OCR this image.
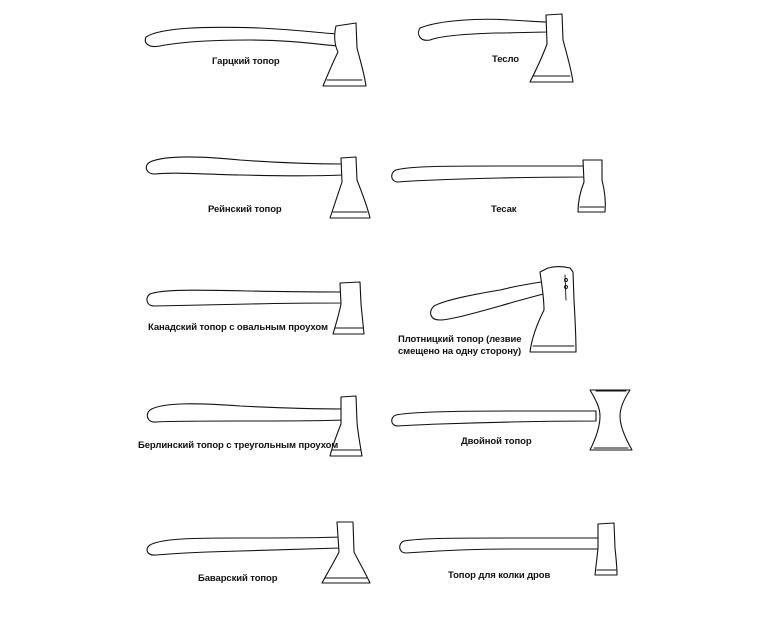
Гарцкий топор	Тесло
Рейнский топор	Тесак
Канадский топор с овальным проухом
Плотницкий топор (лезвие
смещено на одну сторону)
Берлинский топор с треугольным проухом	Двойной топор
Баварский топор	Топор для колки дров
